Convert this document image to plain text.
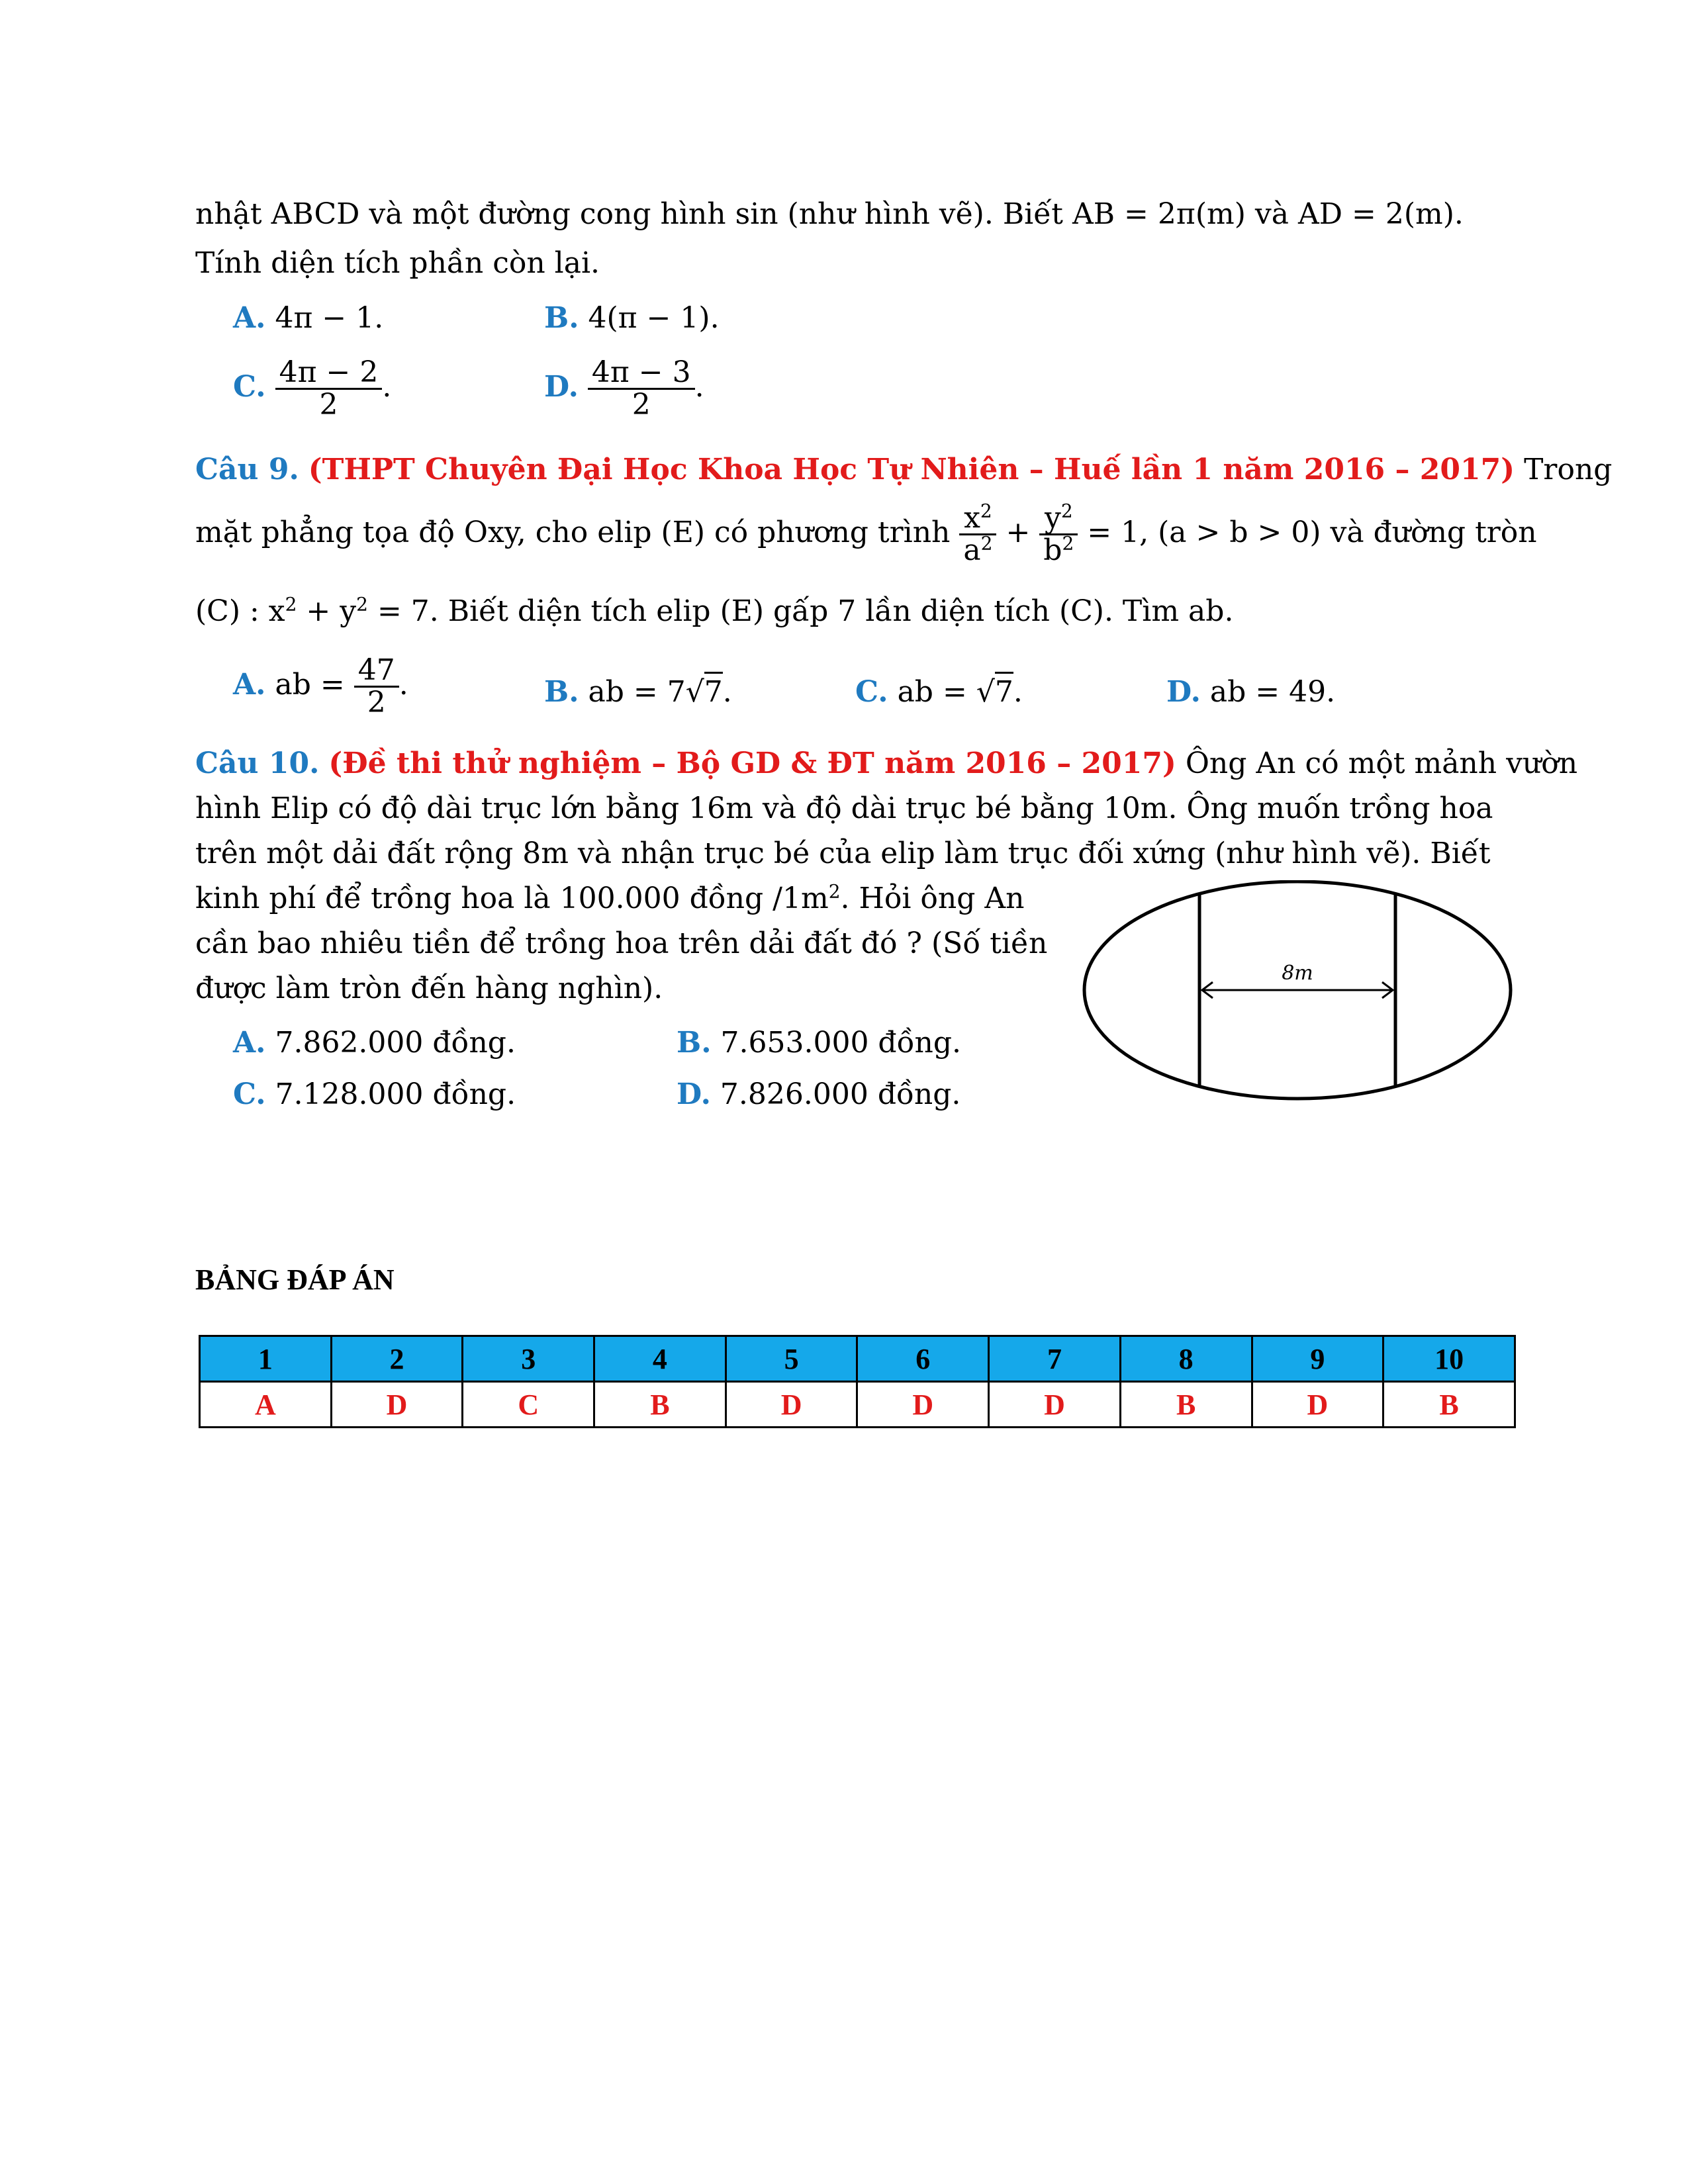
nhật ABCD và một đường cong hình sin (như hình vẽ). Biết AB = 2π(m) và AD = 2(m).
Tính diện tích phần còn lại.
A. 4π − 1.	B. 4(π − 1).
C. $\frac{4\pi - 2}{2}$ .	D. $\frac{4\pi - 3}{2}$ .
Câu 9. (THPT Chuyên Đại Học Khoa Học Tự Nhiên – Huế lần 1 năm 2016 – 2017) Trong
mặt phẳng tọa độ Oxy, cho elip (E) có phương trình $\frac{x^2}{a^2} + \frac{y^2}{b^2} = 1$, (a > b > 0) và đường tròn
(C) : $x^2 + y^2 = 7$. Biết diện tích elip (E) gấp 7 lần diện tích (C). Tìm ab.
A. ab = $\frac{47}{2}$ .	B. ab = 7√7.	C. ab = √7.	D. ab = 49.
Câu 10. (Đề thi thử nghiệm – Bộ GD & ĐT năm 2016 – 2017) Ông An có một mảnh vườn
hình Elip có độ dài trục lớn bằng 16m và độ dài trục bé bằng 10m. Ông muốn trồng hoa
trên một dải đất rộng 8m và nhận trục bé của elip làm trục đối xứng (như hình vẽ). Biết
kinh phí để trồng hoa là 100.000 đồng $/1m^2$. Hỏi ông An
cần bao nhiêu tiền để trồng hoa trên dải đất đó ? (Số tiền
được làm tròn đến hàng nghìn).
A. 7.862.000 đồng.	B. 7.653.000 đồng.
C. 7.128.000 đồng.	D. 7.826.000 đồng.
8m
BẢNG ĐÁP ÁN
1	2	3	4	5	6	7	8	9	10
A	D	C	B	D	D	D	B	D	B
